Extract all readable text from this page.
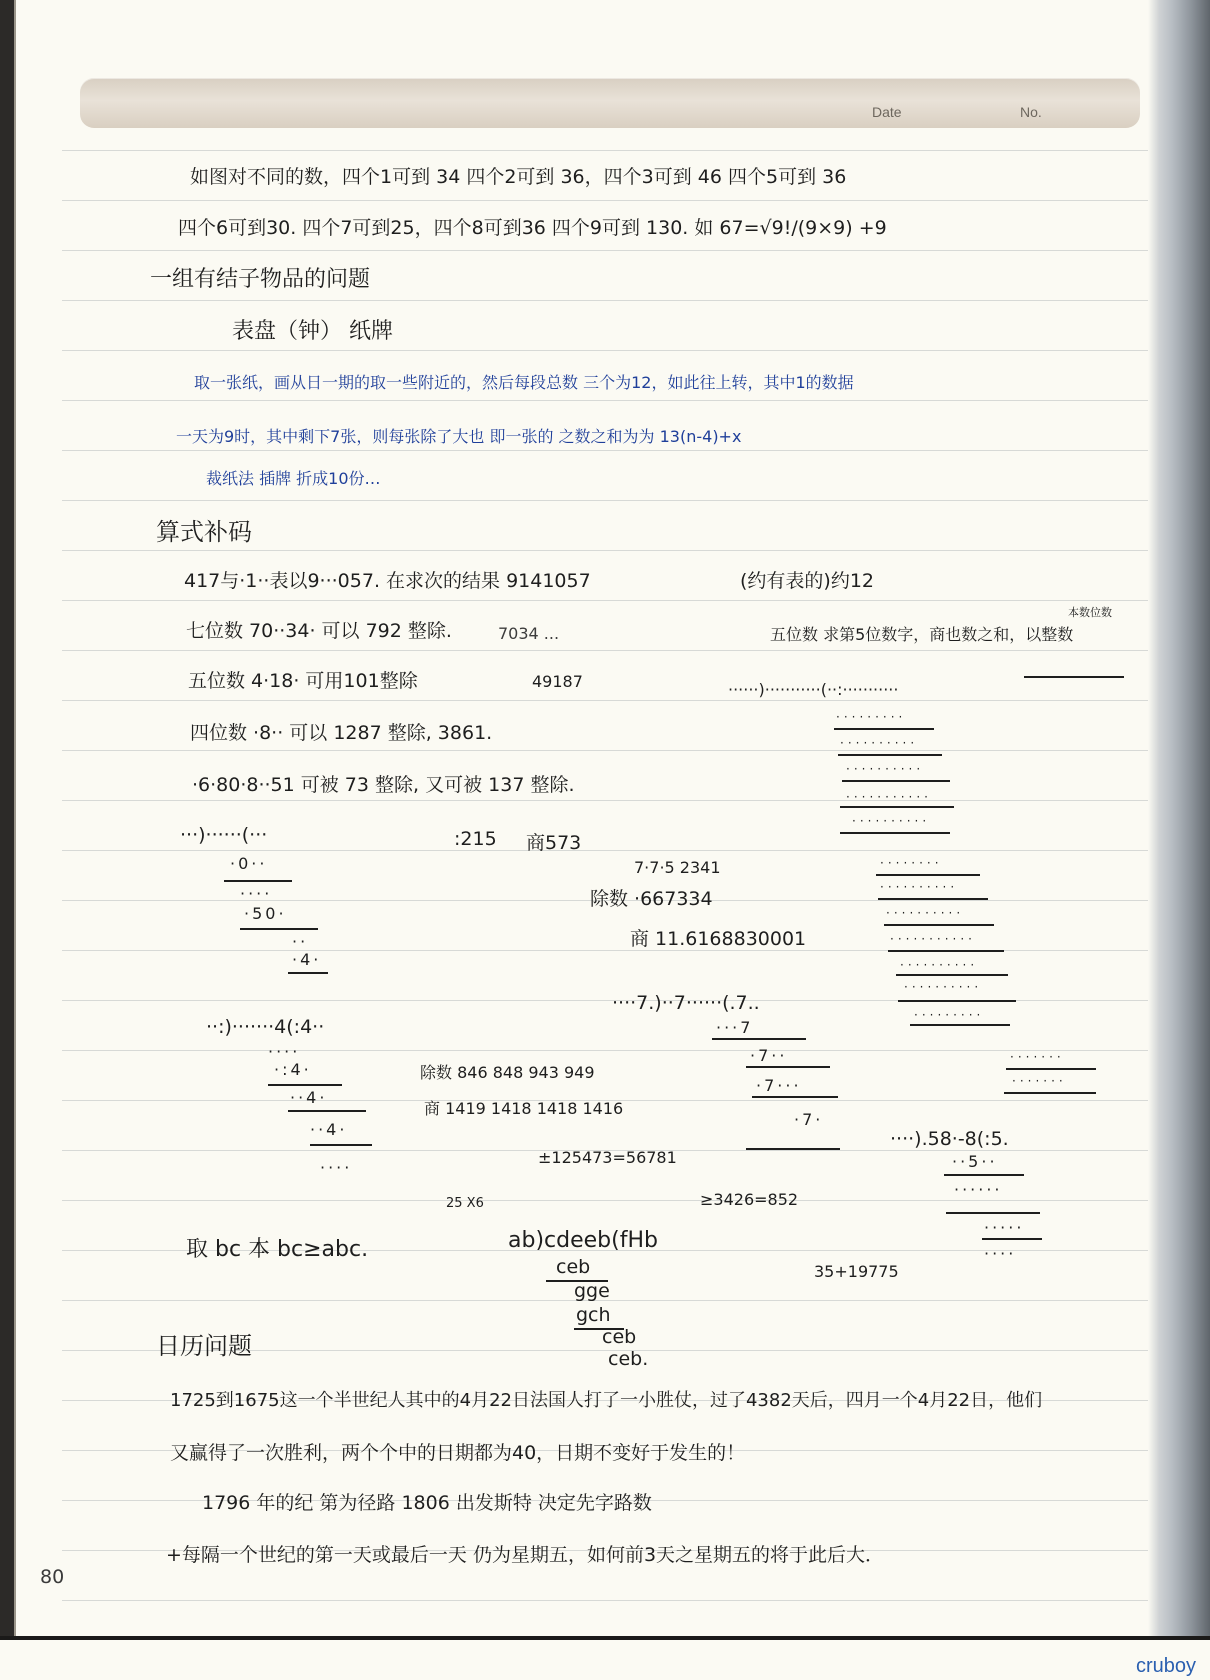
Date	No.
如图对不同的数，四个1可到 34 四个2可到 36，四个3可到 46 四个5可到 36
四个6可到30. 四个7可到25，四个8可到36 四个9可到 130. 如 67=√9!/(9×9) +9
一组有结子物品的问题
表盘（钟） 纸牌
取一张纸，画从日一期的取一些附近的，然后每段总数 三个为12，如此往上转，其中1的数据
一天为9时，其中剩下7张，则每张除了大也 即一张的 之数之和为为 13(n-4)+x
裁纸法 插牌 折成10份…
算式补码
417与·1··表以9···057. 在求次的结果 9141057	(约有表的)约12
七位数 70··34· 可以 792 整除.	7034 ...
五位数 4·18· 可用101整除	49187
四位数 ·8·· 可以 1287 整除, 3861.
·6·80·8··51 可被 73 整除, 又可被 137 整除.
五位数 求第5位数字，商也数之和，以整数
本数位数
······)···········(··:···········
···)······(···	:215 商573
·0··
····
·50·
··
·4·
7·7·5 2341
除数 ·667334
商 11.6168830001
·········
··········
··········
···········
··········
········
··········
··········
···········
··········
··········
·········
·······
·······
····7.)··7······(.7..
···7
·7··
·7···
·7·
··:)·······4(:4··
····
·:4·
··4·
··4·
····
除数 846 848 943 949
商 1419 1418 1418 1416
±125473=56781
25 X6	≥3426=852
····).58·-8(:5.
··5··
······
·····
····
取 bc 本 bc≥abc.	ab)cdeeb(fHb
ceb
gge
gch
ceb
ceb.
35+19775
日历问题
1725到1675这一个半世纪人其中的4月22日法国人打了一小胜仗，过了4382天后，四月一个4月22日，他们
又赢得了一次胜利，两个个中的日期都为40，日期不变好于发生的！
1796 年的纪 第为径路 1806 出发斯特 决定先字路数
+每隔一个世纪的第一天或最后一天 仍为星期五，如何前3天之星期五的将于此后大．
80
cruboy
